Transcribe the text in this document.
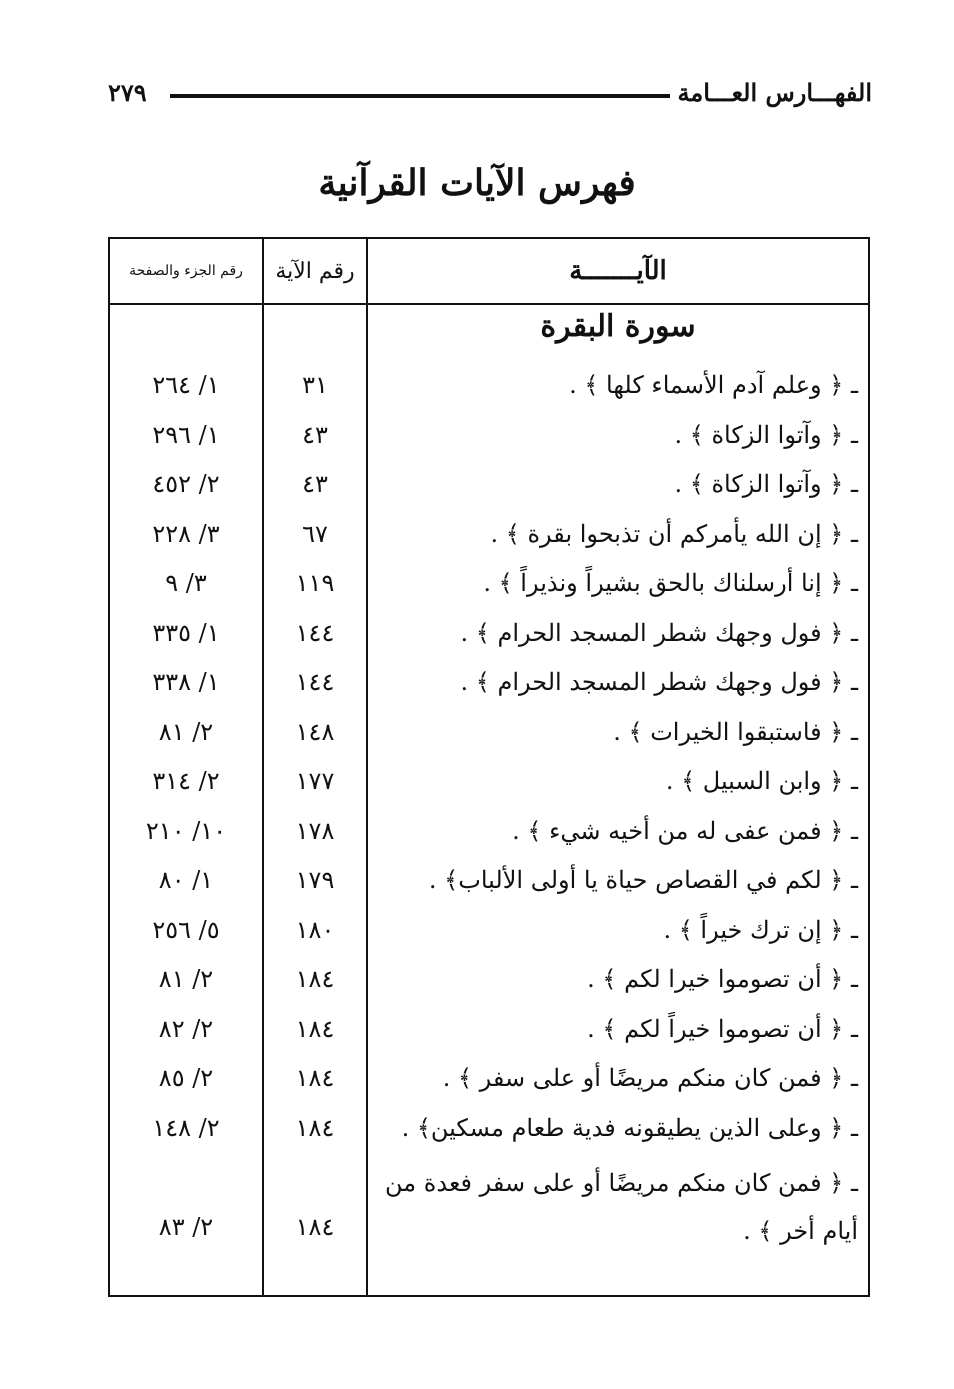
٢٧٩	الفهـــارس العـــامة
فهرس الآيات القرآنية
الآيـــــــة
رقم الآية
رقم الجزء والصفحة
سورة البقرة
ـ ﴿ وعلم آدم الأسماء كلها ﴾ .
٣١
١/ ٢٦٤
ـ ﴿ وآتوا الزكاة ﴾ .
٤٣
١/ ٢٩٦
ـ ﴿ وآتوا الزكاة ﴾ .
٤٣
٢/ ٤٥٢
ـ ﴿ إن الله يأمركم أن تذبحوا بقرة ﴾ .
٦٧
٣/ ٢٢٨
ـ ﴿ إنا أرسلناك بالحق بشيراً ونذيراً ﴾ .
١١٩
٣/ ٩
ـ ﴿ فول وجهك شطر المسجد الحرام ﴾ .
١٤٤
١/ ٣٣٥
ـ ﴿ فول وجهك شطر المسجد الحرام ﴾ .
١٤٤
١/ ٣٣٨
ـ ﴿ فاستبقوا الخيرات ﴾ .
١٤٨
٢/ ٨١
ـ ﴿ وابن السبيل ﴾ .
١٧٧
٢/ ٣١٤
ـ ﴿ فمن عفى له من أخيه شيء ﴾ .
١٧٨
١٠/ ٢١٠
ـ ﴿ لكم في القصاص حياة يا أولى الألباب﴾ .
١٧٩
١/ ٨٠
ـ ﴿ إن ترك خيراً ﴾ .
١٨٠
٥/ ٢٥٦
ـ ﴿ أن تصوموا خيرا لكم ﴾ .
١٨٤
٢/ ٨١
ـ ﴿ أن تصوموا خيراً لكم ﴾ .
١٨٤
٢/ ٨٢
ـ ﴿ فمن كان منكم مريضًا أو على سفر ﴾ .
١٨٤
٢/ ٨٥
ـ ﴿ وعلى الذين يطيقونه فدية طعام مسكين﴾ .
١٨٤
٢/ ١٤٨
ـ ﴿ فمن كان منكم مريضًا أو على سفر فعدة من أيام أخر ﴾ .
١٨٤
٢/ ٨٣
